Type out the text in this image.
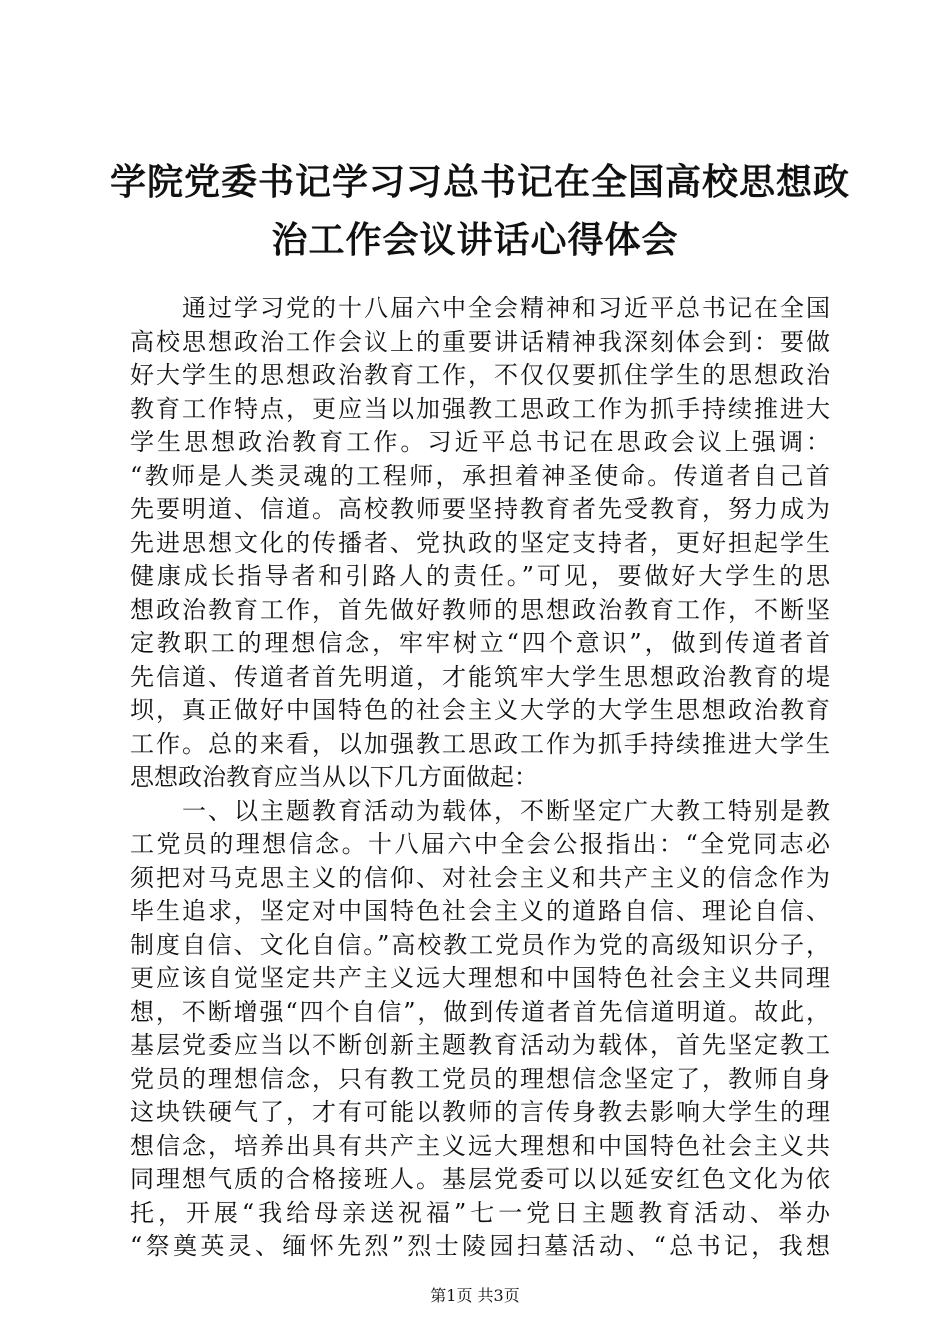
学院党委书记学习习总书记在全国高校思想政
治工作会议讲话心得体会
通过学习党的十八届六中全会精神和习近平总书记在全国
高校思想政治工作会议上的重要讲话精神我深刻体会到：要做
好大学生的思想政治教育工作，不仅仅要抓住学生的思想政治
教育工作特点，更应当以加强教工思政工作为抓手持续推进大
学生思想政治教育工作。习近平总书记在思政会议上强调：
“教师是人类灵魂的工程师，承担着神圣使命。传道者自己首
先要明道、信道。高校教师要坚持教育者先受教育，努力成为
先进思想文化的传播者、党执政的坚定支持者，更好担起学生
健康成长指导者和引路人的责任。”可见，要做好大学生的思
想政治教育工作，首先做好教师的思想政治教育工作，不断坚
定教职工的理想信念，牢牢树立“四个意识”，做到传道者首
先信道、传道者首先明道，才能筑牢大学生思想政治教育的堤
坝，真正做好中国特色的社会主义大学的大学生思想政治教育
工作。总的来看，以加强教工思政工作为抓手持续推进大学生
思想政治教育应当从以下几方面做起：
一、以主题教育活动为载体，不断坚定广大教工特别是教
工党员的理想信念。十八届六中全会公报指出：“全党同志必
须把对马克思主义的信仰、对社会主义和共产主义的信念作为
毕生追求，坚定对中国特色社会主义的道路自信、理论自信、
制度自信、文化自信。”高校教工党员作为党的高级知识分子，
更应该自觉坚定共产主义远大理想和中国特色社会主义共同理
想，不断增强“四个自信”，做到传道者首先信道明道。故此，
基层党委应当以不断创新主题教育活动为载体，首先坚定教工
党员的理想信念，只有教工党员的理想信念坚定了，教师自身
这块铁硬气了，才有可能以教师的言传身教去影响大学生的理
想信念，培养出具有共产主义远大理想和中国特色社会主义共
同理想气质的合格接班人。基层党委可以以延安红色文化为依
托，开展“我给母亲送祝福”七一党日主题教育活动、举办
“祭奠英灵、缅怀先烈”烈士陵园扫墓活动、“总书记，我想
第1页 共3页
